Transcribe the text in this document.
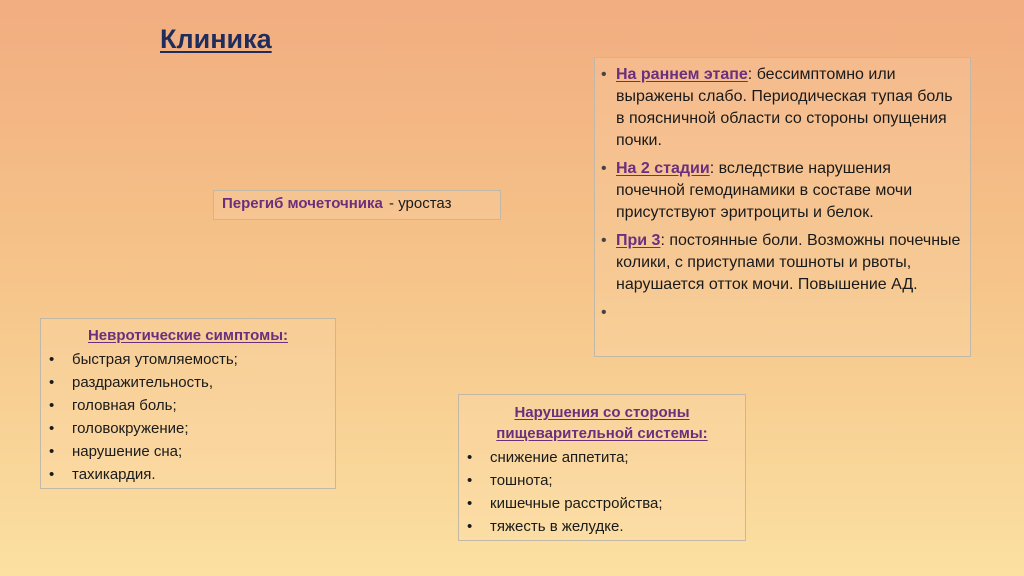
Клиника
Перегиб мочеточника - уростаз
• На раннем этапе: бессимптомно или выражены слабо. Периодическая тупая боль в поясничной области со стороны опущения почки.
• На 2 стадии: вследствие нарушения почечной гемодинамики в составе мочи присутствуют эритроциты и белок.
• При 3: постоянные боли. Возможны почечные колики, с приступами тошноты и рвоты, нарушается отток мочи. Повышение АД.
•
Невротические симптомы:
•	быстрая утомляемость;
•	раздражительность,
•	головная боль;
•	головокружение;
•	нарушение сна;
•	тахикардия.
Нарушения со стороны
пищеварительной системы:
•	снижение аппетита;
•	тошнота;
•	кишечные расстройства;
•	тяжесть в желудке.
